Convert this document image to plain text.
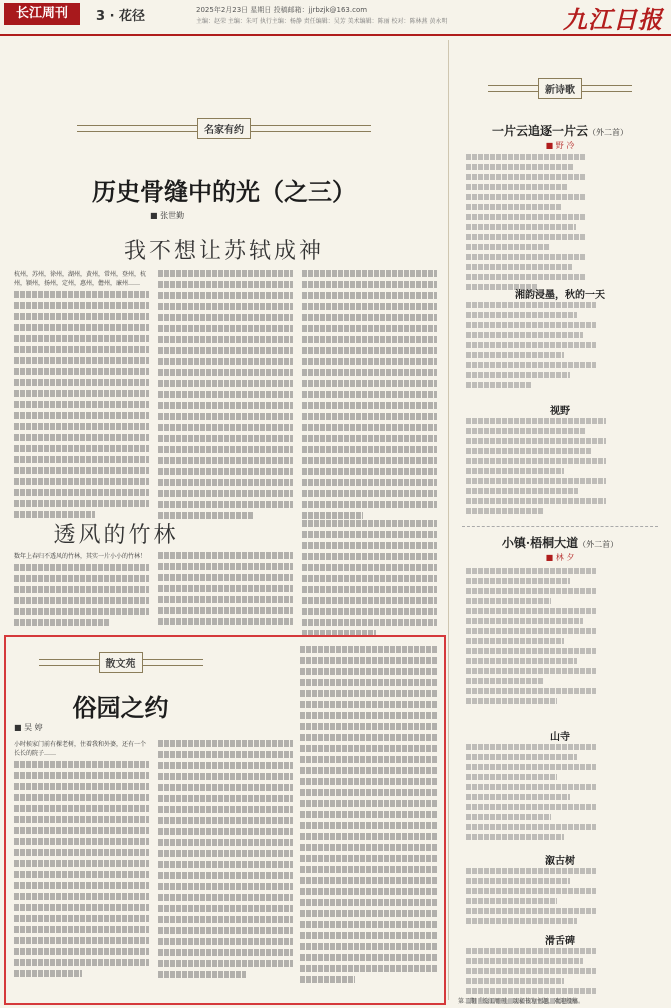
长江周刊	3 · 花径	2025年2月23日 星期日 投稿邮箱：jjrbzjk@163.com
主编：赵荣 主编：朱可 执行主编：杨静 责任编辑：吴芳 美术编辑：陈丽 校对：陈林燕 黄永明	九江日报
名家有约
历史骨缝中的光（之三）
■ 张世勤
我不想让苏轼成神
杭州，苏州，徐州，湖州，黄州，常州，登州，杭州，颍州，扬州，定州，惠州，儋州，廉州……
透风的竹林
数年上春归不透风的竹林，其实一片小小的竹林！
散文苑
俗园之约
■ 吴 婷
小时候家门前有棵老树，住着我和外婆，还有一个长长的院子……
新诗歌
一片云追逐一片云（外二首）
■ 野 冷
湘韵浸墨，秋的一天
视野
小镇·梧桐大道（外二首）
■ 林 夕
山寺
溆古树
滑舌碑
第二期「长江周刊」以家书为主题，欢迎投稿。
